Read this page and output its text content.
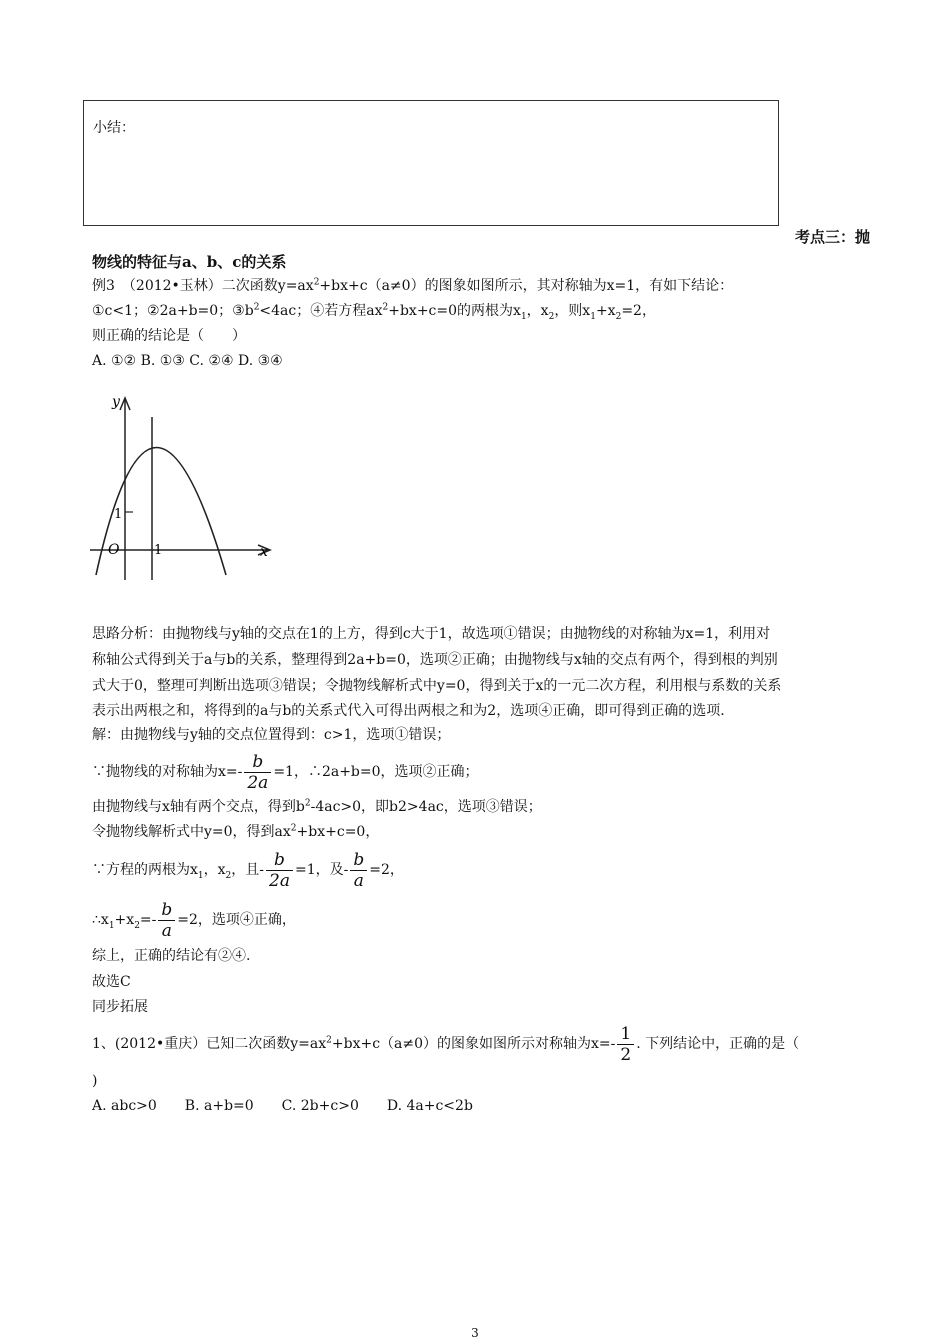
小结：
考点三：抛
物线的特征与a、b、c的关系
例3　（2012•玉林）二次函数$y=ax^2+bx+c(a\ne 0)$的图象如图所示，其对称轴为x=1，有如下结论：
①c<1；②2a+b=0；$③b^2<4ac$；④若方程$ax^2+bx+c=0$的两根为$x_1$，$x_2$，则$x_1+x_2=2$，
则正确的结论是（　　）
A. ①② B. ①③ C. ②④ D. ③④
y
x
O	1
1
思路分析：由抛物线与y轴的交点在1的上方，得到c大于1，故选项①错误；由抛物线的对称轴为x=1，利用对
称轴公式得到关于a与b的关系，整理得到2a+b=0，选项②正确；由抛物线与x轴的交点有两个，得到根的判别
式大于0，整理可判断出选项③错误；令抛物线解析式中y=0，得到关于x的一元二次方程，利用根与系数的关系
表示出两根之和，将得到的a与b的关系式代入可得出两根之和为2，选项④正确，即可得到正确的选项.
解：由抛物线与y轴的交点位置得到：c>1，选项①错误；
∵抛物线的对称轴为$x=- \frac{b}{2a} =1$，∴2a+b=0，选项②正确；
由抛物线与x轴有两个交点，得到$b^2-4ac>0$，即b2>4ac，选项③错误；
令抛物线解析式中y=0，得到$ax^2+bx+c=0$，
∵方程的两根为$x_1$，$x_2$，且- $\frac{b}{2a} =1$，及- $\frac{b}{a} =2$，
$\therefore x_1+x_2=- \frac{b}{a} =2$，选项④正确，
综上，正确的结论有②④.
故选C
同步拓展
1、(2012•重庆）已知二次函数$y=ax^2+bx+c(a\ne 0)$的图象如图所示对称轴为$x=- \frac{1}{2}$ . 下列结论中，正确的是（
)
A. abc>0　　B. a+b=0　　C. 2b+c>0　　D. 4a+c<2b
3
